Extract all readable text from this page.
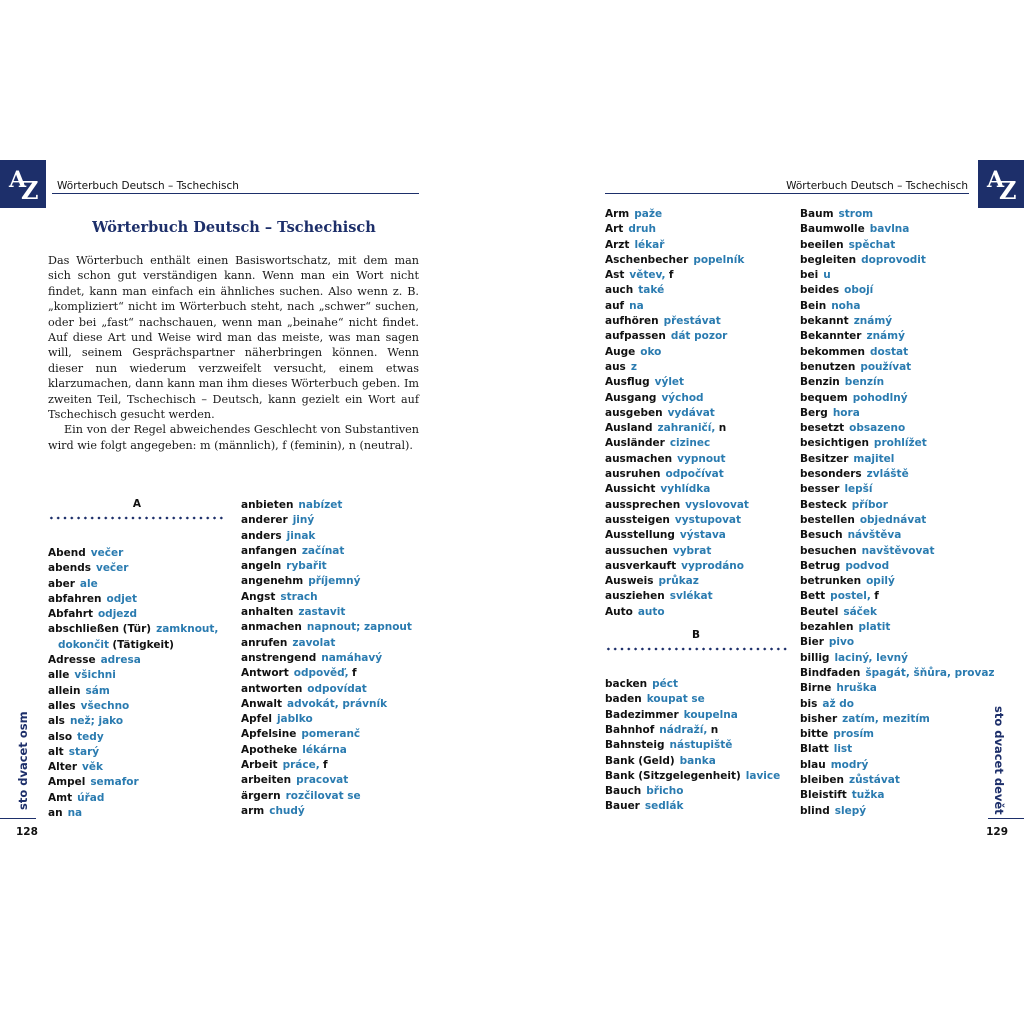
A
Z Wörterbuch Deutsch – Tschechisch
Wörterbuch Deutsch – Tschechisch

Das Wörterbuch enthält einen Basiswortschatz, mit dem man sich schon gut verständigen kann. Wenn man ein Wort nicht findet, kann man einfach ein ähnliches suchen. Also wenn z. B. „kompliziert“ nicht im Wörterbuch steht, nach „schwer“ suchen, oder bei „fast“ nachschauen, wenn man „beinahe“ nicht findet. Auf diese Art und Weise wird man das meiste, was man sagen will, seinem Gesprächspartner näherbringen können. Wenn dieser nun wiederum verzweifelt versucht, einem etwas klarzumachen, dann kann man ihm dieses Wörterbuch geben. Im zweiten Teil, Tschechisch – Deutsch, kann gezielt ein Wort auf Tschechisch gesucht werden.

Ein von der Regel abweichendes Geschlecht von Substantiven wird wie folgt angegeben: m (männlich), f (feminin), n (neutral).

A
Abend večer
abends večer
aber ale
abfahren odjet
Abfahrt odjezd
abschließen (Tür) zamknout,
dokončit (Tätigkeit)
Adresse adresa
alle všichni
allein sám
alles všechno
als než; jako
also tedy
alt starý
Alter věk
Ampel semafor
Amt úřad
an na
anbieten nabízet
anderer jiný
anders jinak
anfangen začínat
angeln rybařit
angenehm příjemný
Angst strach
anhalten zastavit
anmachen napnout; zapnout
anrufen zavolat
anstrengend namáhavý
Antwort odpověď, f
antworten odpovídat
Anwalt advokát, právník
Apfel jablko
Apfelsine pomeranč
Apotheke lékárna
Arbeit práce, f
arbeiten pracovat
ärgern rozčilovat se
arm chudý
sto dvacet osm
128
A
Z
Wörterbuch Deutsch – Tschechisch
Arm paže
Art druh
Arzt lékař
Aschenbecher popelník
Ast větev, f
auch také
auf na
aufhören přestávat
aufpassen dát pozor
Auge oko
aus z
Ausflug výlet
Ausgang východ
ausgeben vydávat
Ausland zahraničí, n
Ausländer cizinec
ausmachen vypnout
ausruhen odpočívat
Aussicht vyhlídka
aussprechen vyslovovat
aussteigen vystupovat
Ausstellung výstava
aussuchen vybrat
ausverkauft vyprodáno
Ausweis průkaz
ausziehen svlékat
Auto auto
B
backen péct
baden koupat se
Badezimmer koupelna
Bahnhof nádraží, n
Bahnsteig nástupiště
Bank (Geld) banka
Bank (Sitzgelegenheit) lavice
Bauch břicho
Bauer sedlák
Baum strom
Baumwolle bavlna
beeilen spěchat
begleiten doprovodit
bei u
beides obojí
Bein noha
bekannt známý
Bekannter známý
bekommen dostat
benutzen používat
Benzin benzín
bequem pohodlný
Berg hora
besetzt obsazeno
besichtigen prohlížet
Besitzer majitel
besonders zvláště
besser lepší
Besteck příbor
bestellen objednávat
Besuch návštěva
besuchen navštěvovat
Betrug podvod
betrunken opilý
Bett postel, f
Beutel sáček
bezahlen platit
Bier pivo
billig laciný, levný
Bindfaden špagát, šňůra, provaz
Birne hruška
bis až do
bisher zatím, mezitím
bitte prosím
Blatt list
blau modrý
bleiben zůstávat
Bleistift tužka
blind slepý	sto dvacet devět
129
